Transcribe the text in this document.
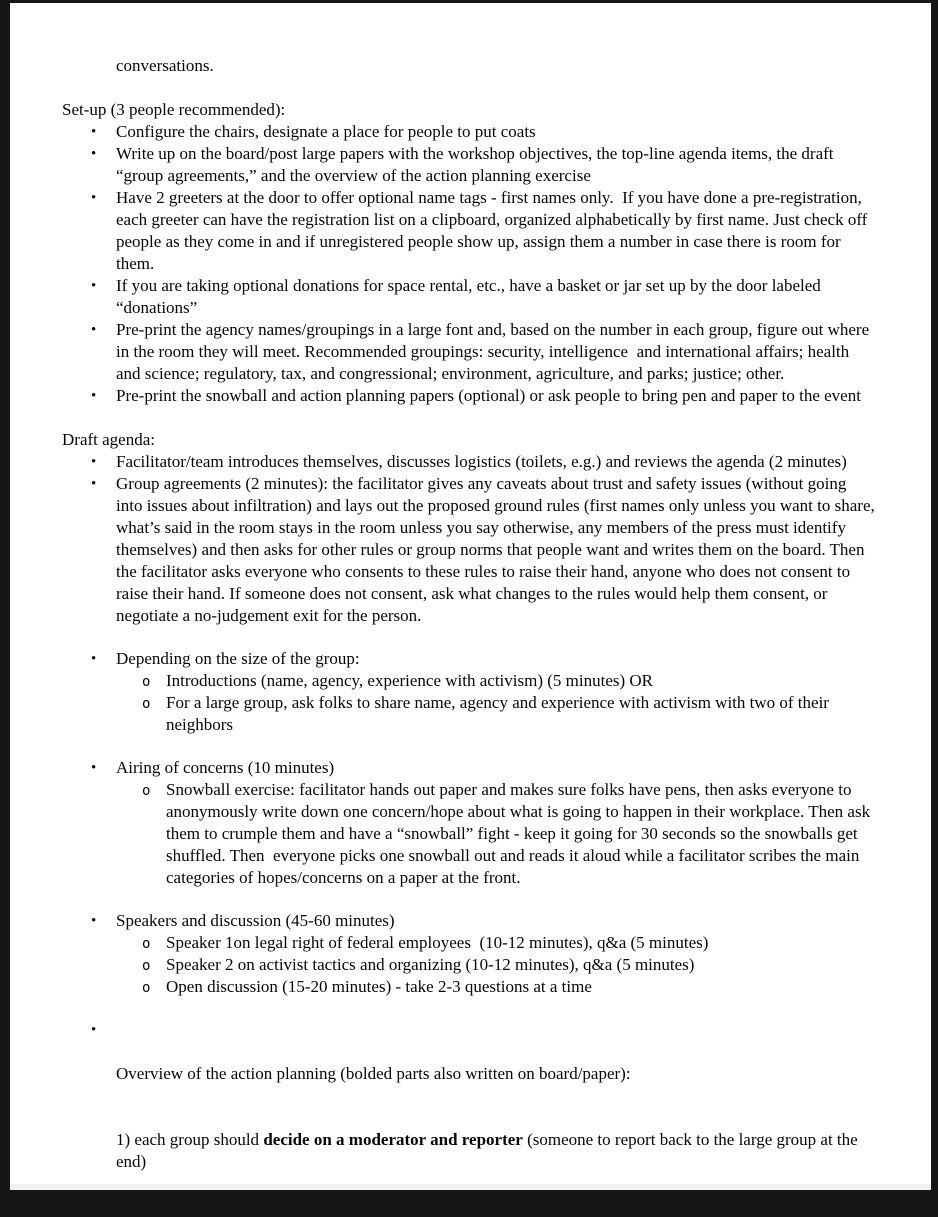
conversations.
Set-up (3 people recommended):
• Configure the chairs, designate a place for people to put coats
• Write up on the board/post large papers with the workshop objectives, the top-line agenda items, the draft “group agreements,” and the overview of the action planning exercise
• Have 2 greeters at the door to offer optional name tags - first names only.  If you have done a pre-registration, each greeter can have the registration list on a clipboard, organized alphabetically by first name. Just check off people as they come in and if unregistered people show up, assign them a number in case there is room for them.
• If you are taking optional donations for space rental, etc., have a basket or jar set up by the door labeled “donations”
• Pre-print the agency names/groupings in a large font and, based on the number in each group, figure out where in the room they will meet. Recommended groupings: security, intelligence  and international affairs; health and science; regulatory, tax, and congressional; environment, agriculture, and parks; justice; other.
• Pre-print the snowball and action planning papers (optional) or ask people to bring pen and paper to the event
Draft agenda:
• Facilitator/team introduces themselves, discusses logistics (toilets, e.g.) and reviews the agenda (2 minutes)
• Group agreements (2 minutes): the facilitator gives any caveats about trust and safety issues (without going into issues about infiltration) and lays out the proposed ground rules (first names only unless you want to share, what’s said in the room stays in the room unless you say otherwise, any members of the press must identify themselves) and then asks for other rules or group norms that people want and writes them on the board. Then the facilitator asks everyone who consents to these rules to raise their hand, anyone who does not consent to raise their hand. If someone does not consent, ask what changes to the rules would help them consent, or negotiate a no-judgement exit for the person.
• Depending on the size of the group:
o Introductions (name, agency, experience with activism) (5 minutes) OR
o For a large group, ask folks to share name, agency and experience with activism with two of their neighbors
• Airing of concerns (10 minutes)
o Snowball exercise: facilitator hands out paper and makes sure folks have pens, then asks everyone to anonymously write down one concern/hope about what is going to happen in their workplace. Then ask them to crumple them and have a “snowball” fight - keep it going for 30 seconds so the snowballs get shuffled. Then  everyone picks one snowball out and reads it aloud while a facilitator scribes the main categories of hopes/concerns on a paper at the front.
• Speakers and discussion (45-60 minutes)
o Speaker 1on legal right of federal employees  (10-12 minutes), q&a (5 minutes)
o Speaker 2 on activist tactics and organizing (10-12 minutes), q&a (5 minutes)
o Open discussion (15-20 minutes) - take 2-3 questions at a time
•

Overview of the action planning (bolded parts also written on board/paper):

1) each group should decide on a moderator and reporter (someone to report back to the large group at the end)
